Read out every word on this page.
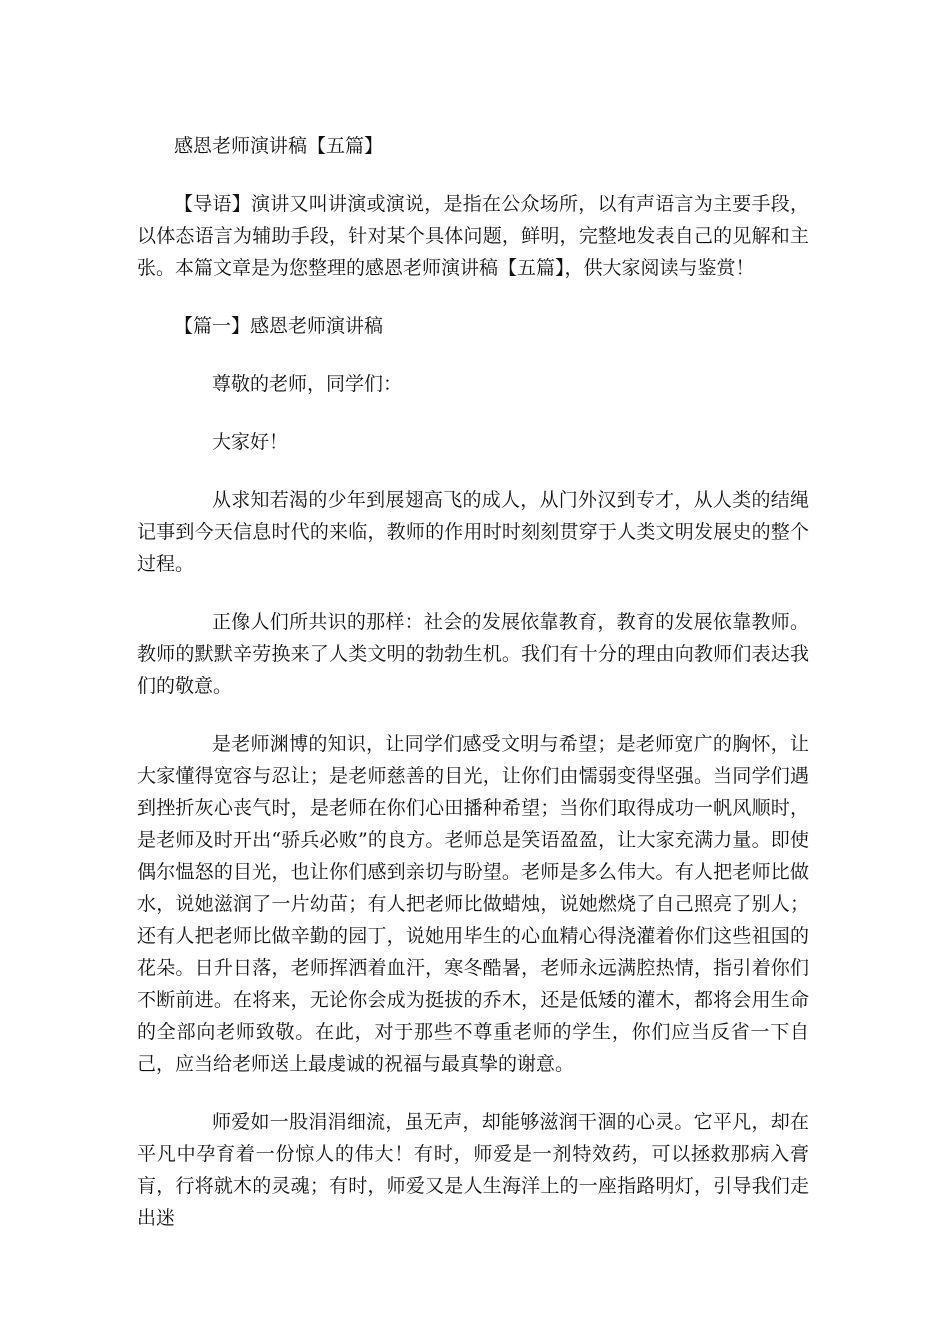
感恩老师演讲稿【五篇】

【导语】演讲又叫讲演或演说，是指在公众场所，以有声语言为主要手段，以体态语言为辅助手段，针对某个具体问题，鲜明，完整地发表自己的见解和主张。本篇文章是为您整理的感恩老师演讲稿【五篇】，供大家阅读与鉴赏！

【篇一】感恩老师演讲稿

尊敬的老师，同学们：

大家好！

从求知若渴的少年到展翅高飞的成人，从门外汉到专才，从人类的结绳记事到今天信息时代的来临，教师的作用时时刻刻贯穿于人类文明发展史的整个过程。

正像人们所共识的那样：社会的发展依靠教育，教育的发展依靠教师。教师的默默辛劳换来了人类文明的勃勃生机。我们有十分的理由向教师们表达我们的敬意。

是老师渊博的知识，让同学们感受文明与希望；是老师宽广的胸怀，让大家懂得宽容与忍让；是老师慈善的目光，让你们由懦弱变得坚强。当同学们遇到挫折灰心丧气时，是老师在你们心田播种希望；当你们取得成功一帆风顺时，是老师及时开出“骄兵必败”的良方。老师总是笑语盈盈，让大家充满力量。即使偶尔愠怒的目光，也让你们感到亲切与盼望。老师是多么伟大。有人把老师比做水，说她滋润了一片幼苗；有人把老师比做蜡烛，说她燃烧了自己照亮了别人；还有人把老师比做辛勤的园丁，说她用毕生的心血精心得浇灌着你们这些祖国的花朵。日升日落，老师挥洒着血汗，寒冬酷暑，老师永远满腔热情，指引着你们不断前进。在将来，无论你会成为挺拔的乔木，还是低矮的灌木，都将会用生命的全部向老师致敬。在此，对于那些不尊重老师的学生，你们应当反省一下自己，应当给老师送上最虔诚的祝福与最真挚的谢意。

师爱如一股涓涓细流，虽无声，却能够滋润干涸的心灵。它平凡，却在平凡中孕育着一份惊人的伟大！有时，师爱是一剂特效药，可以拯救那病入膏肓，行将就木的灵魂；有时，师爱又是人生海洋上的一座指路明灯，引导我们走出迷
